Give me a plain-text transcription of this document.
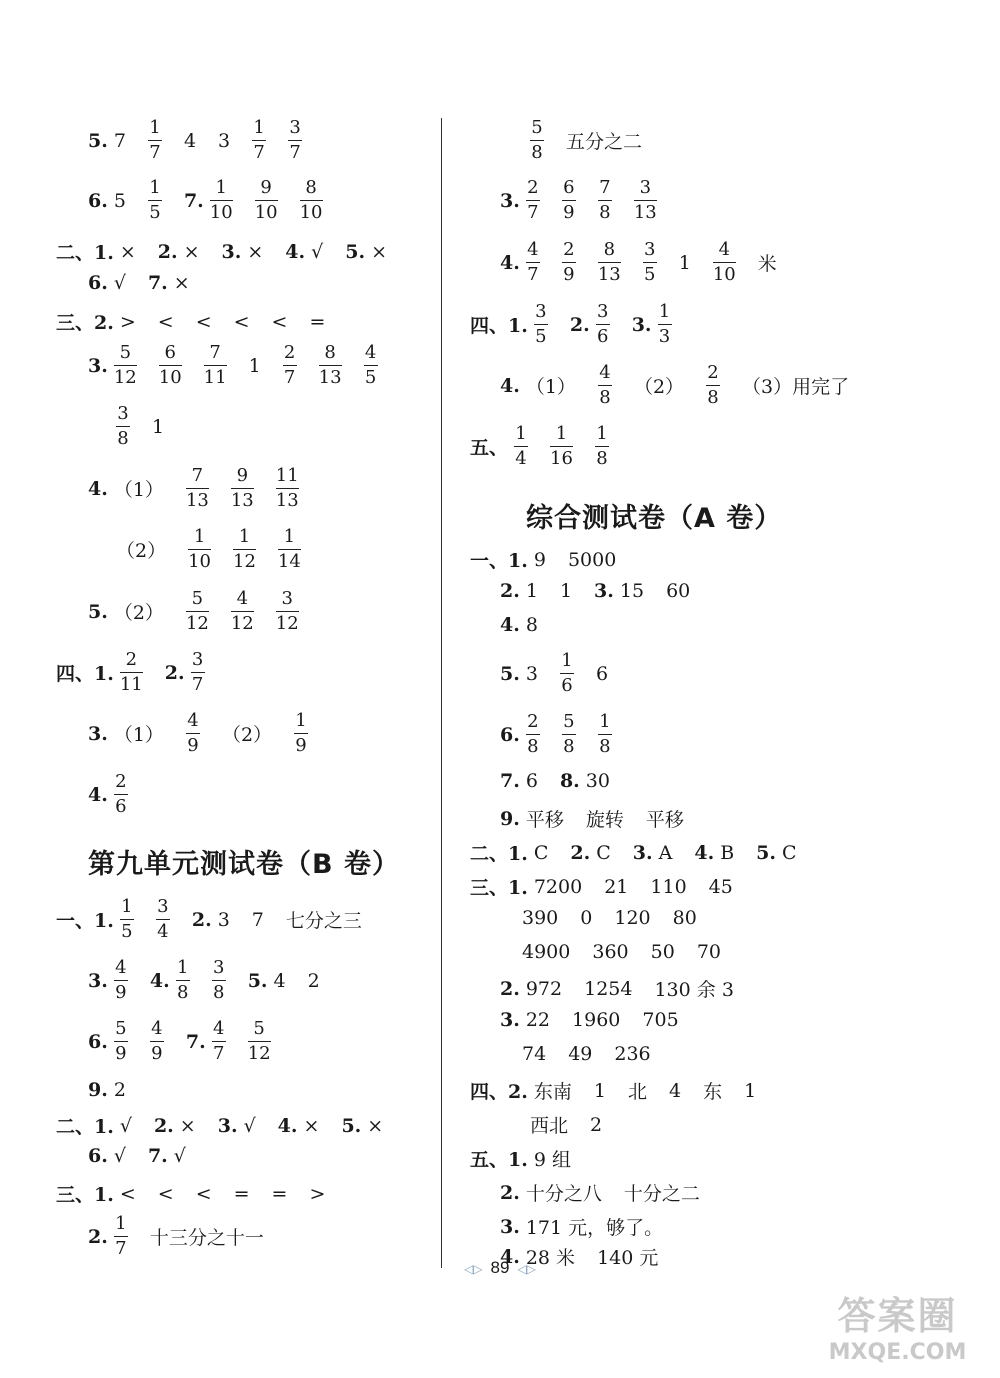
5. 7
1
7
4 3
1
7
3
7
6. 5
1
5
7.
1
10
9
10
8
10
二、1. × 2. × 3. × 4. √ 5. ×
6. √ 7. ×
三、2. > < < < < =
3.
5
12
6
10
7
11
1
2
7
8
13
4
5
3
8
1
4. （1）
7
13
9
13
11
13
（2）
1
10
1
12
1
14
5. （2）
5
12
4
12
3
12
四、1.
2
11
2.
3
7
3. （1）
4
9 （2）
1
9
4.
2
6
一、1.
1
5
3
4
2. 3 7 七分之三
3.
4
9
4.
1
8
3
8
5. 4 2
6.
5
9
4
9
7.
4
7
5
12
9. 2
二、1. √ 2. × 3. √ 4. × 5. ×
6. √ 7. √
三、1. < < < = = >
2.
1
7 十三分之十一
5
8 五分之二
3.
2
7
6
9
7
8
3
13
4.
4
7
2
9
8
13
3
5
1
4
10 米
四、1.
3
5
2.
3
6
3.
1
3
4. （1）
4
8 （2）
2
8 （3）用完了
五、
1
4
1
16
1
8
一、1. 9 5000
2. 1 1 3. 15 60
4. 8
5. 3
1
6
6
6.
2
8
5
8
1
8
7. 6 8. 30
9. 平移 旋转 平移
二、1. C 2. C 3. A 4. B 5. C
三、1. 7200 21 110 45
390 0 120 80
4900 360 50 70
2. 972 1254 130 余 3
3. 22 1960 705
74 49 236
四、2. 东南 1 北 4 东 1
西北 2
五、1. 9 组
2. 十分之八 十分之二
3. 171 元，够了。
4. 28 米 140 元
第九单元测试卷（B 卷）
综合测试卷（A 卷）
◁▷ 89 ◁▷
答案圈
MXQE.COM
